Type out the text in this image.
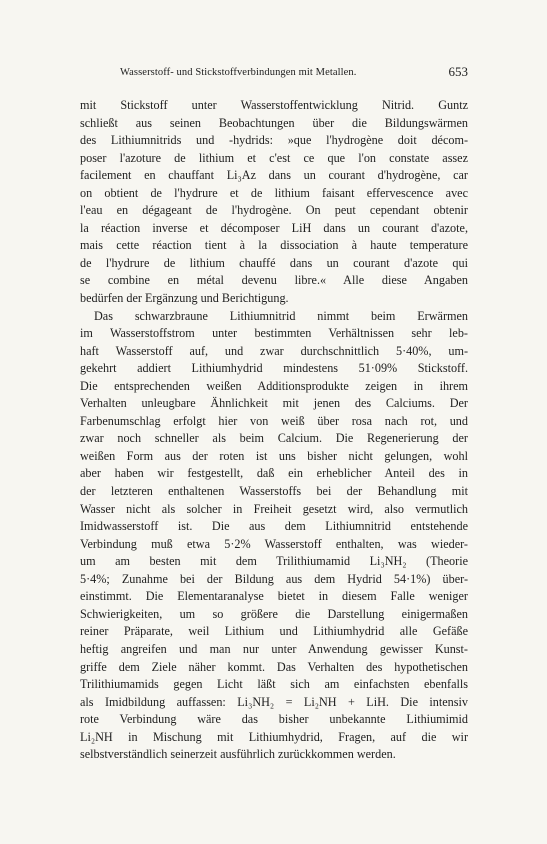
Wasserstoff- und Stickstoffverbindungen mit Metallen.	653
mit Stickstoff unter Wasserstoffentwicklung Nitrid. Guntz
schließt aus seinen Beobachtungen über die Bildungswärmen
des Lithiumnitrids und -hydrids: »que l'hydrogène doit décom-
poser l'azoture de lithium et c'est ce que l'on constate assez
facilement en chauffant Li₃Az dans un courant d'hydrogène, car
on obtient de l'hydrure et de lithium faisant effervescence avec
l'eau en dégageant de l'hydrogène. On peut cependant obtenir
la réaction inverse et décomposer LiH dans un courant d'azote,
mais cette réaction tient à la dissociation à haute temperature
de l'hydrure de lithium chauffé dans un courant d'azote qui
se combine en métal devenu libre.« Alle diese Angaben
bedürfen der Ergänzung und Berichtigung.
Das schwarzbraune Lithiumnitrid nimmt beim Erwärmen
im Wasserstoffstrom unter bestimmten Verhältnissen sehr leb-
haft Wasserstoff auf, und zwar durchschnittlich 5·40%, um-
gekehrt addiert Lithiumhydrid mindestens 51·09% Stickstoff.
Die entsprechenden weißen Additionsprodukte zeigen in ihrem
Verhalten unleugbare Ähnlichkeit mit jenen des Calciums. Der
Farbenumschlag erfolgt hier von weiß über rosa nach rot, und
zwar noch schneller als beim Calcium. Die Regenerierung der
weißen Form aus der roten ist uns bisher nicht gelungen, wohl
aber haben wir festgestellt, daß ein erheblicher Anteil des in
der letzteren enthaltenen Wasserstoffs bei der Behandlung mit
Wasser nicht als solcher in Freiheit gesetzt wird, also vermutlich
Imidwasserstoff ist. Die aus dem Lithiumnitrid entstehende
Verbindung muß etwa 5·2% Wasserstoff enthalten, was wieder-
um am besten mit dem Trilithiumamid Li₃NH₂ (Theorie
5·4%; Zunahme bei der Bildung aus dem Hydrid 54·1%) über-
einstimmt. Die Elementaranalyse bietet in diesem Falle weniger
Schwierigkeiten, um so größere die Darstellung einigermaßen
reiner Präparate, weil Lithium und Lithiumhydrid alle Gefäße
heftig angreifen und man nur unter Anwendung gewisser Kunst-
griffe dem Ziele näher kommt. Das Verhalten des hypothetischen
Trilithiumamids gegen Licht läßt sich am einfachsten ebenfalls
als Imidbildung auffassen: Li₃NH₂ = Li₂NH + LiH. Die intensiv
rote Verbindung wäre das bisher unbekannte Lithiumimid
Li₂NH in Mischung mit Lithiumhydrid, Fragen, auf die wir
selbstverständlich seinerzeit ausführlich zurückkommen werden.
